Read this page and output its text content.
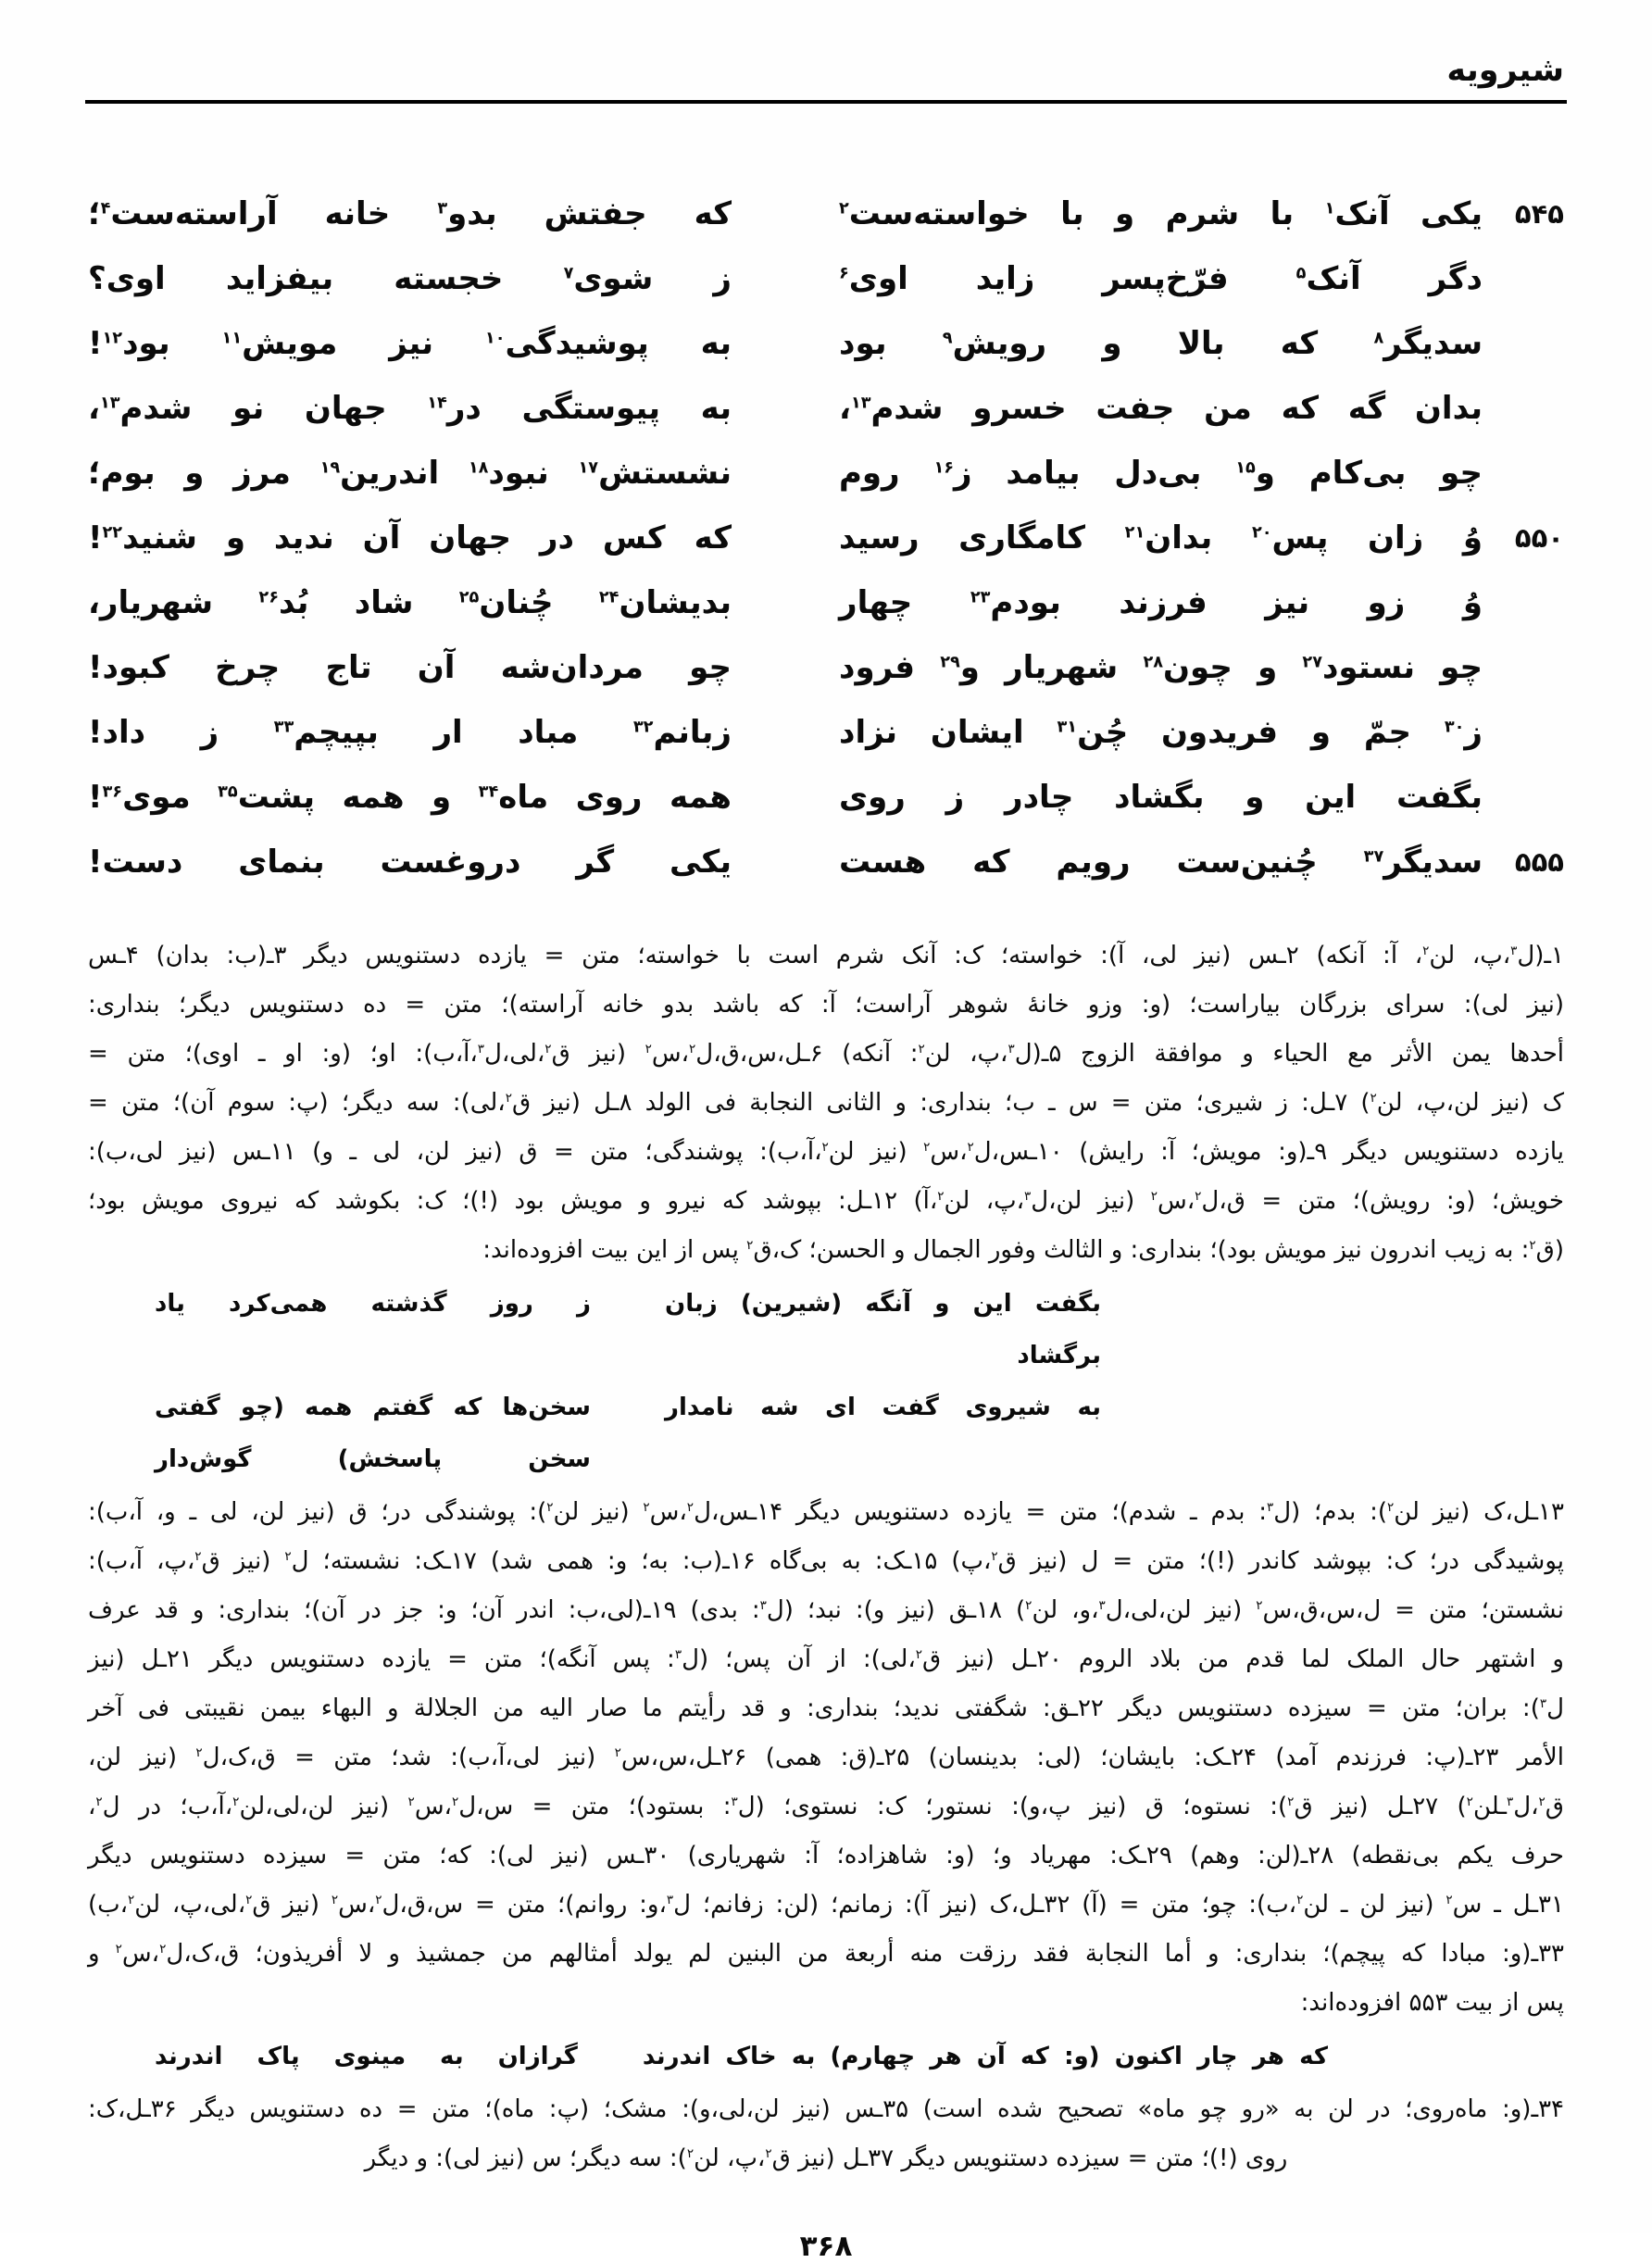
شیرویه
۵۴۵
یکی آنک$^۱$ با شرم و با خواسته‌ست$^۲$
که جفتش بدو$^۳$ خانه آراسته‌ست$^۴$؛
دگر آنک$^۵$ فرّخ‌پسر زاید اوی$^۶$
ز شوی$^۷$ خجسته بیفزاید اوی؟
سدیگر$^۸$ که بالا و رویش$^۹$ بود
به پوشیدگی$^{۱۰}$ نیز مویش$^{۱۱}$ بود$^{۱۲}$!
بدان گه که من جفت خسرو شدم$^{۱۳}$،
به پیوستگی در$^{۱۴}$ جهان نو شدم$^{۱۳}$،
چو بی‌کام و$^{۱۵}$ بی‌دل بیامد ز$^{۱۶}$ روم
نشستش$^{۱۷}$ نبود$^{۱۸}$ اندرین$^{۱۹}$ مرز و بوم؛
۵۵۰
وُ زان پس$^{۲۰}$ بدان$^{۲۱}$ کامگاری رسید
که کس در جهان آن ندید و شنید$^{۲۲}$!
وُ زو نیز فرزند بودم$^{۲۳}$ چهار
بدیشان$^{۲۴}$ چُنان$^{۲۵}$ شاد بُد$^{۲۶}$ شهریار،
چو نستود$^{۲۷}$ و چون$^{۲۸}$ شهریار و$^{۲۹}$ فرود
چو مردان‌شه آن تاج چرخ کبود!
ز$^{۳۰}$ جمّ و فریدون چُن$^{۳۱}$ ایشان نزاد
زبانم$^{۳۲}$ مباد ار بپیچم$^{۳۳}$ ز داد!
بگفت این و بگشاد چادر ز روی
همه روی ماه$^{۳۴}$ و همه پشت$^{۳۵}$ موی$^{۳۶}$!
۵۵۵
سدیگر$^{۳۷}$ چُنین‌ست رویم که هست
یکی گر دروغست بنمای دست!
۱ـ(ل$^۳$،پ، لن$^۲$، آ: آنکه) ۲ـس (نیز لی، آ): خواسته؛ ک: آنک شرم است با خواسته؛ متن = یازده دستنویس دیگر ۳ـ(ب: بدان) ۴ـس
(نیز لی): سرای بزرگان بیاراست؛ (و: وزو خانهٔ شوهر آراست؛ آ: که باشد بدو خانه آراسته)؛ متن = ده دستنویس دیگر؛ بنداری:
أحدها یمن الأثر مع الحیاء و موافقة الزوج ۵ـ(ل$^۳$،پ، لن$^۲$: آنکه) ۶ـل،س،ق،ل$^۲$،س$^۲$ (نیز ق$^۲$،لی،ل$^۳$،آ،ب): او؛ (و: او ـ اوی)؛ متن =
ک (نیز لن،پ، لن$^۲$) ۷ـل: ز شیری؛ متن = س ـ ب؛ بنداری: و الثانی النجابة فی الولد ۸ـل (نیز ق$^۲$،لی): سه دیگر؛ (پ: سوم آن)؛ متن =
یازده دستنویس دیگر ۹ـ(و: مویش؛ آ: رایش) ۱۰ـس،ل$^۲$،س$^۲$ (نیز لن$^۲$،آ،ب): پوشندگی؛ متن = ق (نیز لن، لی ـ و) ۱۱ـس (نیز لی،ب):
خویش؛ (و: رویش)؛ متن = ق،ل$^۲$،س$^۲$ (نیز لن،ل$^۳$،پ، لن$^۲$،آ) ۱۲ـل: بپوشد که نیرو و مویش بود (!)؛ ک: بکوشد که نیروی مویش بود؛
(ق$^۲$: به زیب اندرون نیز مویش بود)؛ بنداری: و الثالث وفور الجمال و الحسن؛ ک،ق$^۲$ پس از این بیت افزوده‌اند:
بگفت این و آنگه (شیرین) زبان برگشاد
ز روز گذشته همی‌کرد یاد
به شیروی گفت ای شه نامدار
سخن‌ها که گفتم همه (چو گفتی سخن پاسخش) گوش‌دار
۱۳ـل،ک (نیز لن$^۲$): بدم؛ (ل$^۳$: بدم ـ شدم)؛ متن = یازده دستنویس دیگر ۱۴ـس،ل$^۲$،س$^۲$ (نیز لن$^۲$): پوشندگی در؛ ق (نیز لن، لی ـ و، آ،ب):
پوشیدگی در؛ ک: بپوشد کاندر (!)؛ متن = ل (نیز ق$^۲$،پ) ۱۵ـک: به بی‌گاه ۱۶ـ(ب: به؛ و: همی شد) ۱۷ـک: نشسته؛ ل$^۲$ (نیز ق$^۲$،پ، آ،ب):
نشستن؛ متن = ل،س،ق،س$^۲$ (نیز لن،لی،ل$^۳$،و، لن$^۲$) ۱۸ـق (نیز و): نبد؛ (ل$^۳$: بدی) ۱۹ـ(لی،ب: اندر آن؛ و: جز در آن)؛ بنداری: و قد عرف
و اشتهر حال الملک لما قدم من بلاد الروم ۲۰ـل (نیز ق$^۲$،لی): از آن پس؛ (ل$^۳$: پس آنگه)؛ متن = یازده دستنویس دیگر ۲۱ـل (نیز
ل$^۳$): بران؛ متن = سیزده دستنویس دیگر ۲۲ـق: شگفتی ندید؛ بنداری: و قد رأیتم ما صار الیه من الجلالة و البهاء بیمن نقیبتی فی آخر
الأمر ۲۳ـ(پ: فرزندم آمد) ۲۴ـک: بایشان؛ (لی: بدینسان) ۲۵ـ(ق: همی) ۲۶ـل،س،س$^۲$ (نیز لی،آ،ب): شد؛ متن = ق،ک،ل$^۲$ (نیز لن،
ق$^۲$،ل$^۳$ـلن$^۲$) ۲۷ـل (نیز ق$^۲$): نستوه؛ ق (نیز پ،و): نستور؛ ک: نستوی؛ (ل$^۳$: بستود)؛ متن = س،ل$^۲$،س$^۲$ (نیز لن،لی،لن$^۲$،آ،ب؛ در ل$^۲$،
حرف یکم بی‌نقطه) ۲۸ـ(لن: وهم) ۲۹ـک: مهریاد و؛ (و: شاهزاده؛ آ: شهریاری) ۳۰ـس (نیز لی): که؛ متن = سیزده دستنویس دیگر
۳۱ـل ـ س$^۲$ (نیز لن ـ لن$^۲$،ب): چو؛ متن = (آ) ۳۲ـل،ک (نیز آ): زمانم؛ (لن: زفانم؛ ل$^۳$،و: روانم)؛ متن = س،ق،ل$^۲$،س$^۲$ (نیز ق$^۲$،لی،پ، لن$^۲$،ب)
۳۳ـ(و: مبادا که پیچم)؛ بنداری: و أما النجابة فقد رزقت منه أربعة من البنین لم یولد أمثالهم من جمشیذ و لا أفریذون؛ ق،ک،ل$^۲$،س$^۲$ و
پس از بیت ۵۵۳ افزوده‌اند:
که هر چار اکنون (و: که آن هر چهارم) به خاک اندرند
گرازان به مینوی پاک اندرند
۳۴ـ(و: ماه‌روی؛ در لن به «رو چو ماه» تصحیح شده است) ۳۵ـس (نیز لن،لی،و): مشک؛ (پ: ماه)؛ متن = ده دستنویس دیگر ۳۶ـل،ک:
روی (!)؛ متن = سیزده دستنویس دیگر ۳۷ـل (نیز ق$^۲$،پ، لن$^۲$): سه دیگر؛ س (نیز لی): و دیگر
۳۶۸
